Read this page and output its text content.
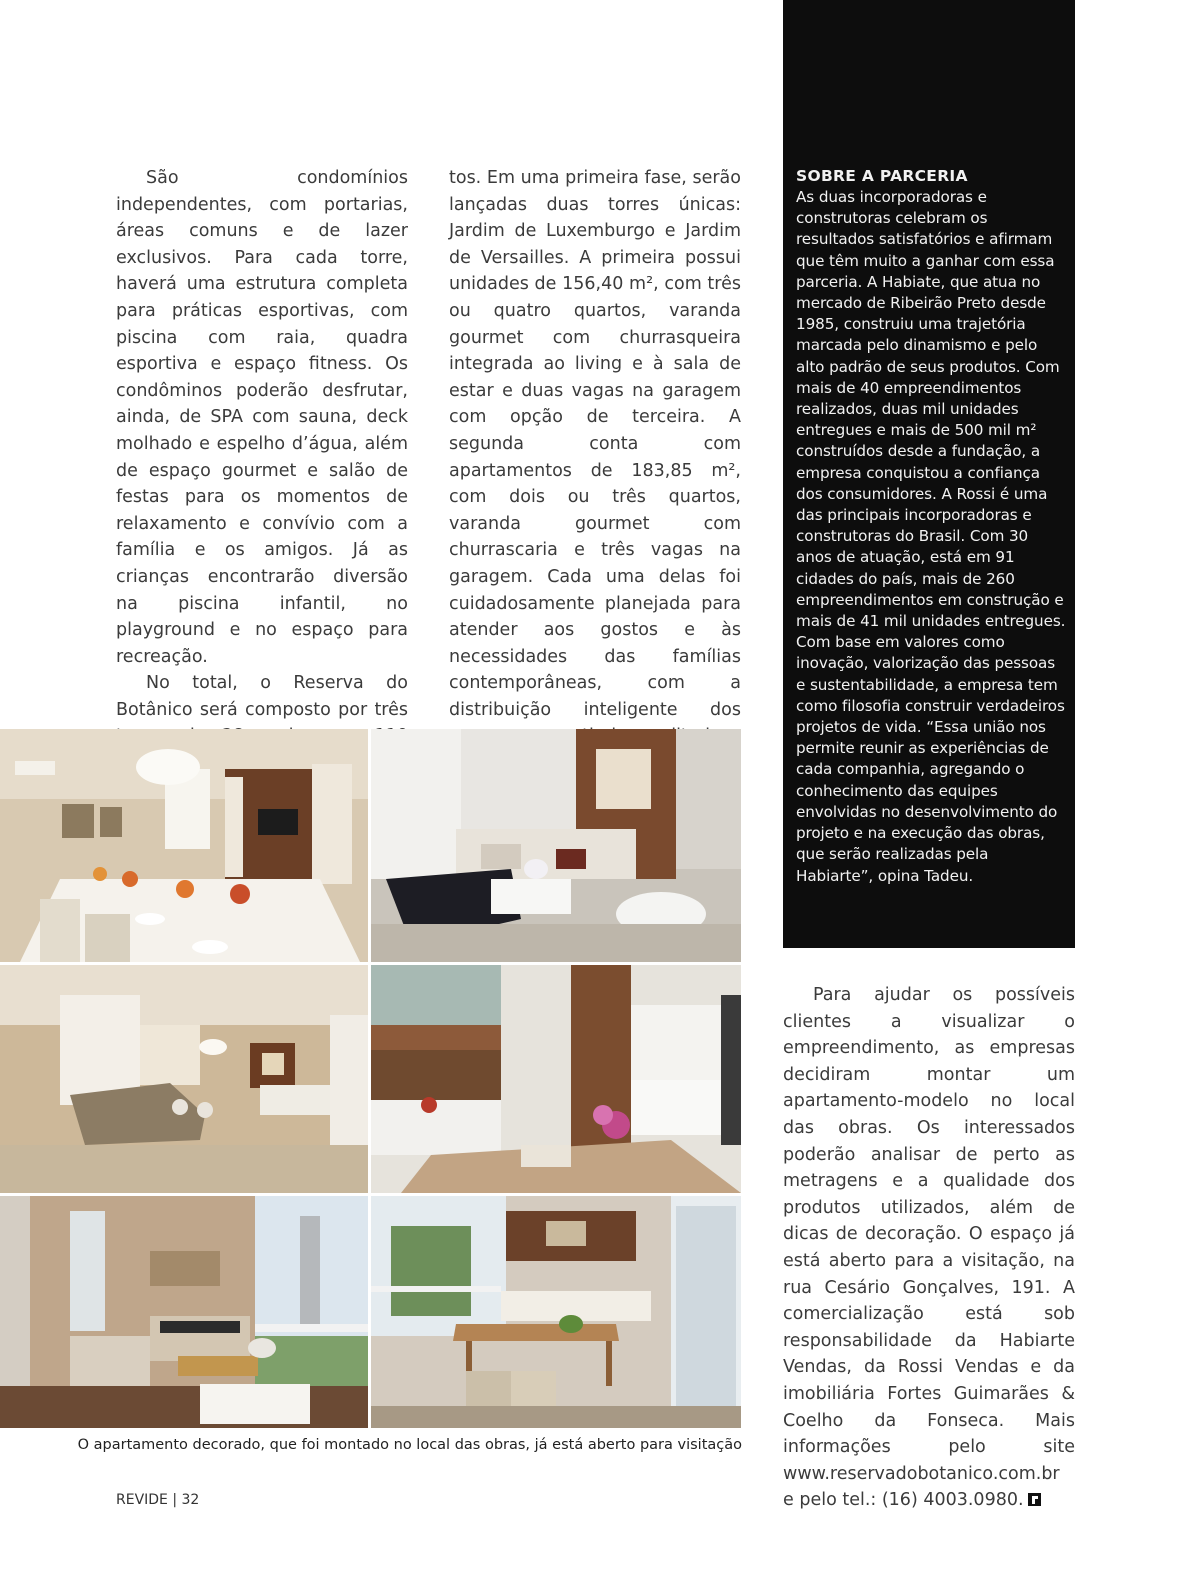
São condomínios independentes, com portarias, áreas comuns e de lazer exclusivos. Para cada torre, haverá uma estrutura completa para práticas esportivas, com piscina com raia, quadra esportiva e espaço fitness. Os condôminos poderão desfrutar, ainda, de SPA com sauna, deck molhado e espelho d’água, além de espaço gourmet e salão de festas para os momentos de relaxamento e convívio com a família e os amigos. Já as crianças encontrarão diversão na piscina infantil, no playground e no espaço para recreação.

No total, o Reserva do Botânico será composto por três

tos. Em uma primeira fase, serão lançadas duas torres únicas: Jardim de Luxemburgo e Jardim de Versailles. A primeira possui unidades de 156,40 m², com três ou quatro quartos, varanda gourmet com churrasqueira integrada ao living e à sala de estar e duas vagas na garagem com opção de terceira. A segunda conta com apartamentos de 183,85 m², com dois ou três quartos, varanda gourmet com churrascaria e três vagas na garagem. Cada uma delas foi cuidadosamente planejada para atender aos gostos e às necessidades das famílias contemporâneas, com a distribuição inteligente dos

SOBRE A PARCERIA
As duas incorporadoras e construtoras celebram os resultados satisfatórios e afirmam que têm muito a ganhar com essa parceria. A Habiate, que atua no mercado de Ribeirão Preto desde 1985, construiu uma trajetória marcada pelo dinamismo e pelo alto padrão de seus produtos. Com mais de 40 empreendimentos realizados, duas mil unidades entregues e mais de 500 mil m² construídos desde a fundação, a empresa conquistou a confiança dos consumidores. A Rossi é uma das principais incorporadoras e construtoras do Brasil. Com 30 anos de atuação, está em 91 cidades do país, mais de 260 empreendimentos em construção e mais de 41 mil unidades entregues. Com base em valores como inovação, valorização das pessoas e sustentabilidade, a empresa tem como filosofia construir verdadeiros projetos de vida. “Essa união nos permite reunir as experiências de cada companhia, agregando o conhecimento das equipes envolvidas no desenvolvimento do projeto e na execução das obras, que serão realizadas pela Habiarte”, opina Tadeu.

Para ajudar os possíveis clientes a visualizar o empreendimento, as empresas decidiram montar um apartamento-modelo no local das obras. Os interessados poderão analisar de perto as metragens e a qualidade dos produtos utilizados, além de dicas de decoração. O espaço já está aberto para a visitação, na rua Cesário Gonçalves, 191. A comercialização está sob responsabilidade da Habiarte Vendas, da Rossi Vendas e da imobiliária Fortes Guimarães & Coelho da Fonseca. Mais informações pelo site www.reservadobotanico.com.br e pelo tel.: (16) 4003.0980.

O apartamento decorado, que foi montado no local das obras, já está aberto para visitação
REVIDE | 32
